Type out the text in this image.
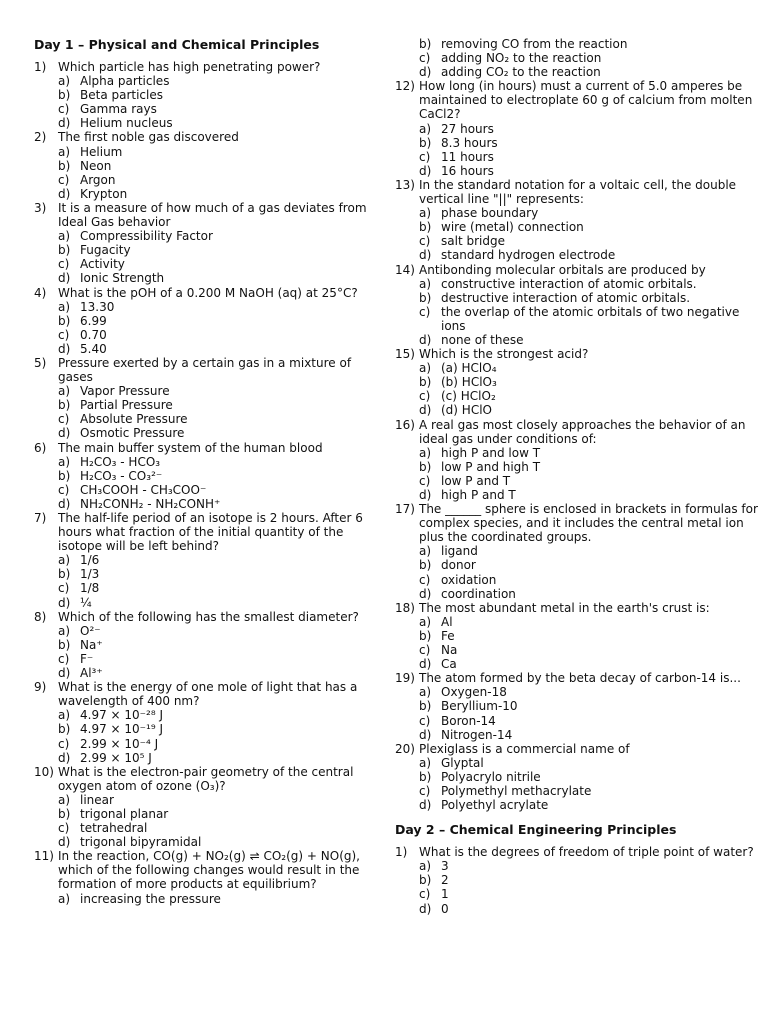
Day 1 – Physical and Chemical Principles
1) Which particle has high penetrating power?
a) Alpha particles
b) Beta particles
c) Gamma rays
d) Helium nucleus
2) The first noble gas discovered
a) Helium
b) Neon
c) Argon
d) Krypton
3) It is a measure of how much of a gas deviates from Ideal Gas behavior
a) Compressibility Factor
b) Fugacity
c) Activity
d) Ionic Strength
4) What is the pOH of a 0.200 M NaOH (aq) at 25°C?
a) 13.30
b) 6.99
c) 0.70
d) 5.40
5) Pressure exerted by a certain gas in a mixture of gases
a) Vapor Pressure
b) Partial Pressure
c) Absolute Pressure
d) Osmotic Pressure
6) The main buffer system of the human blood
a) H₂CO₃ - HCO₃
b) H₂CO₃ - CO₃²⁻
c) CH₃COOH - CH₃COO⁻
d) NH₂CONH₂ - NH₂CONH⁺
7) The half-life period of an isotope is 2 hours. After 6 hours what fraction of the initial quantity of the isotope will be left behind?
a) 1/6
b) 1/3
c) 1/8
d) ¼
8) Which of the following has the smallest diameter?
a) O²⁻
b) Na⁺
c) F⁻
d) Al³⁺
9) What is the energy of one mole of light that has a wavelength of 400 nm?
a) 4.97 × 10⁻²⁸ J
b) 4.97 × 10⁻¹⁹ J
c) 2.99 × 10⁻⁴ J
d) 2.99 × 10⁵ J
10) What is the electron-pair geometry of the central oxygen atom of ozone (O₃)?
a) linear
b) trigonal planar
c) tetrahedral
d) trigonal bipyramidal
11) In the reaction, CO(g) + NO₂(g) ⇌ CO₂(g) + NO(g), which of the following changes would result in the formation of more products at equilibrium?
a) increasing the pressure
b) removing CO from the reaction
c) adding NO₂ to the reaction
d) adding CO₂ to the reaction
12) How long (in hours) must a current of 5.0 amperes be maintained to electroplate 60 g of calcium from molten CaCl2?
a) 27 hours
b) 8.3 hours
c) 11 hours
d) 16 hours
13) In the standard notation for a voltaic cell, the double vertical line "||" represents:
a) phase boundary
b) wire (metal) connection
c) salt bridge
d) standard hydrogen electrode
14) Antibonding molecular orbitals are produced by
a) constructive interaction of atomic orbitals.
b) destructive interaction of atomic orbitals.
c) the overlap of the atomic orbitals of two negative ions
d) none of these
15) Which is the strongest acid?
a) (a) HClO₄
b) (b) HClO₃
c) (c) HClO₂
d) (d) HClO
16) A real gas most closely approaches the behavior of an ideal gas under conditions of:
a) high P and low T
b) low P and high T
c) low P and T
d) high P and T
17) The ______ sphere is enclosed in brackets in formulas for complex species, and it includes the central metal ion plus the coordinated groups.
a) ligand
b) donor
c) oxidation
d) coordination
18) The most abundant metal in the earth's crust is:
a) Al
b) Fe
c) Na
d) Ca
19) The atom formed by the beta decay of carbon-14 is...
a) Oxygen-18
b) Beryllium-10
c) Boron-14
d) Nitrogen-14
20) Plexiglass is a commercial name of
a) Glyptal
b) Polyacrylo nitrile
c) Polymethyl methacrylate
d) Polyethyl acrylate
Day 2 – Chemical Engineering Principles
1) What is the degrees of freedom of triple point of water?
a) 3
b) 2
c) 1
d) 0
